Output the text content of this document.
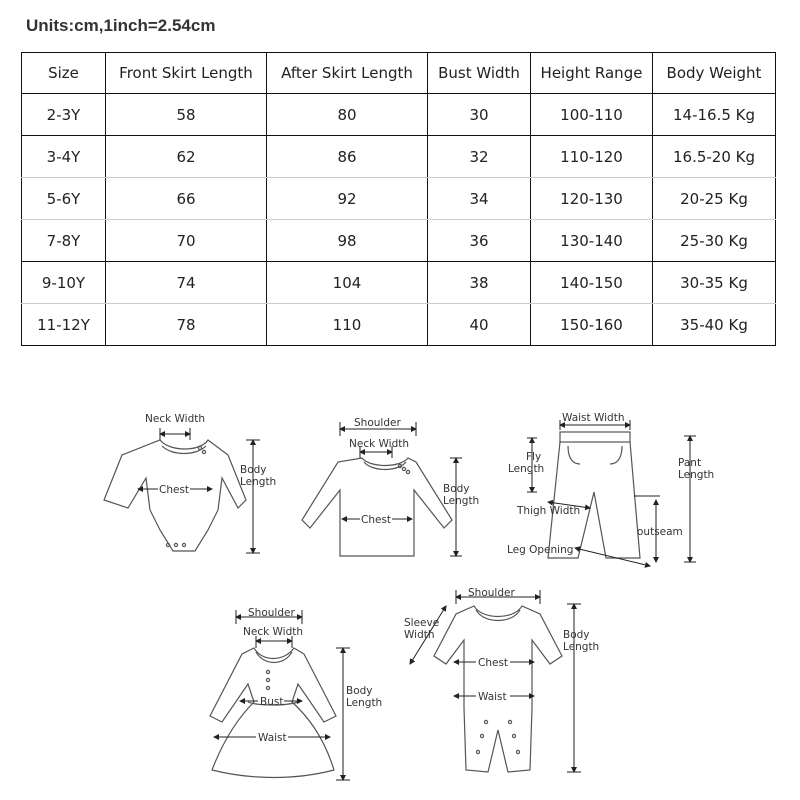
Units:cm,1inch=2.54cm
Size	Front Skirt Length	After Skirt Length	Bust Width	Height Range	Body Weight
2-3Y	58	80	30	100-110	14-16.5 Kg
3-4Y	62	86	32	110-120	16.5-20 Kg
5-6Y	66	92	34	120-130	20-25 Kg
7-8Y	70	98	36	130-140	25-30 Kg
9-10Y	74	104	38	140-150	30-35 Kg
11-12Y	78	110	40	150-160	35-40 Kg
Neck Width
Chest
Body
Length
Shoulder
Neck Width
Chest
Body
Length
Waist Width
Fly
Length	Pant
Length
Thigh Width
outseam
Leg Opening
Shoulder
Neck Width
Bust
Waist
Body
Length
Shoulder
Sleeve
Width
Chest
Waist
Body
Length
